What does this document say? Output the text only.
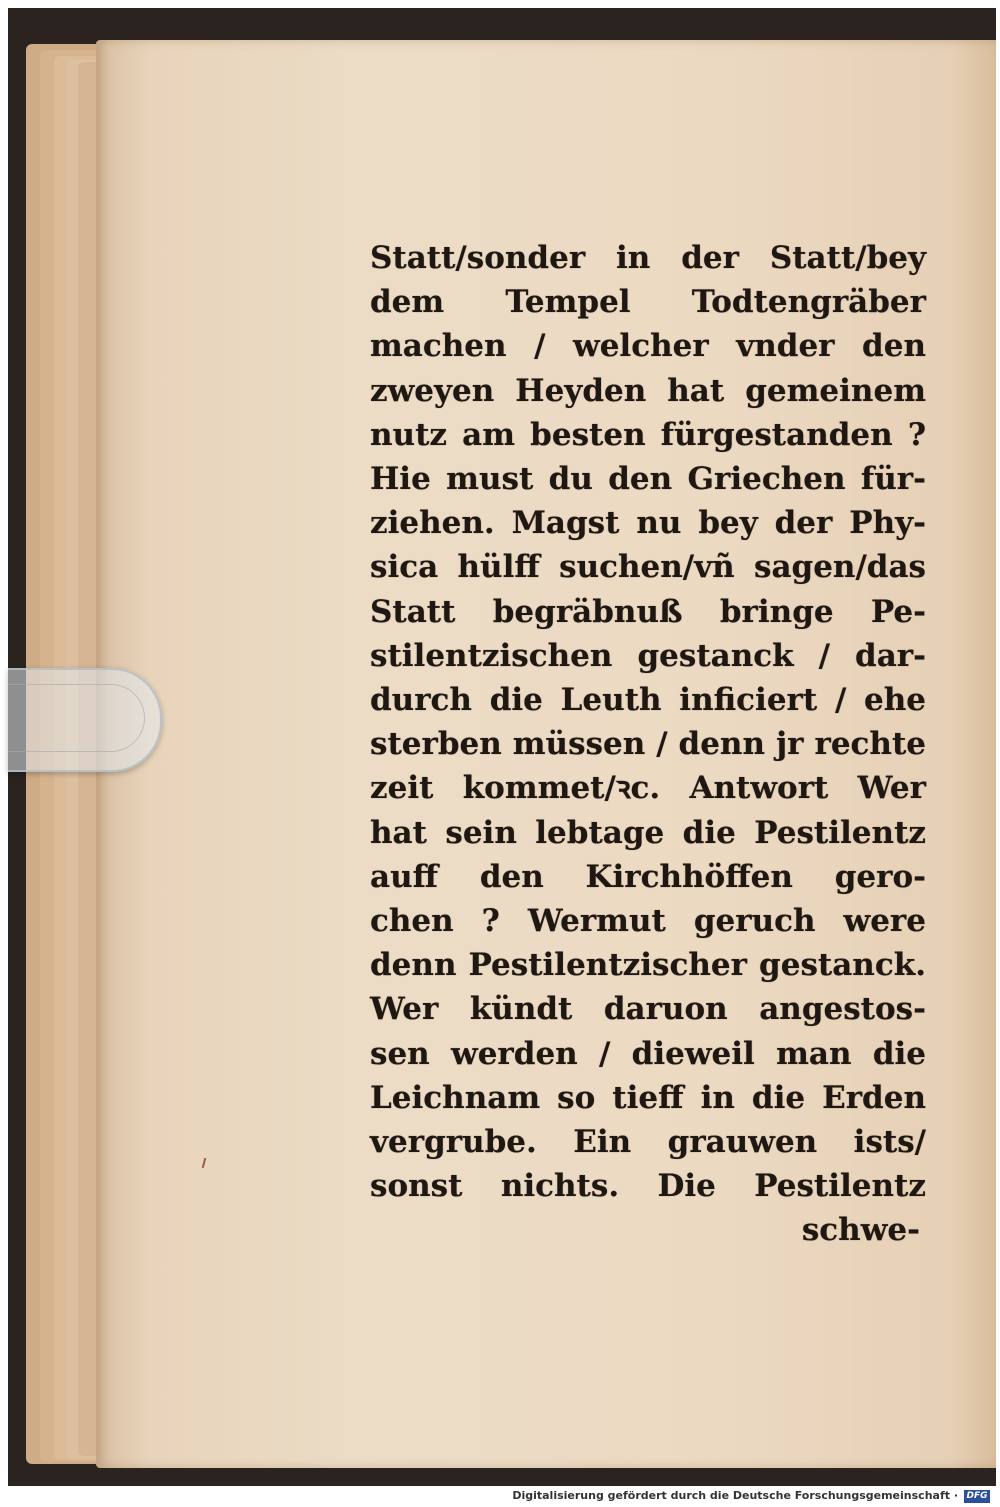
Statt/sonder in der Statt/bey
dem Tempel Todtengräber
machen / welcher vnder den
zweyen Heyden hat gemeinem
nutz am besten fürgestanden ?
Hie must du den Griechen für-
ziehen. Magst nu bey der Phy-
sica hülff suchen/vñ sagen/das
Statt begräbnuß bringe Pe-
stilentzischen gestanck / dar-
durch die Leuth inficiert / ehe
sterben müssen / denn jr rechte
zeit kommet/ꝛc. Antwort Wer
hat sein lebtage die Pestilentz
auff den Kirchhöffen gero-
chen ? Wermut geruch were
denn Pestilentzischer gestanck.
Wer kündt daruon angestos-
sen werden / dieweil man die
Leichnam so tieff in die Erden
vergrube. Ein grauwen ists/
sonst nichts. Die Pestilentz
schwe-
Digitalisierung gefördert durch die Deutsche Forschungsgemeinschaft · DFG
